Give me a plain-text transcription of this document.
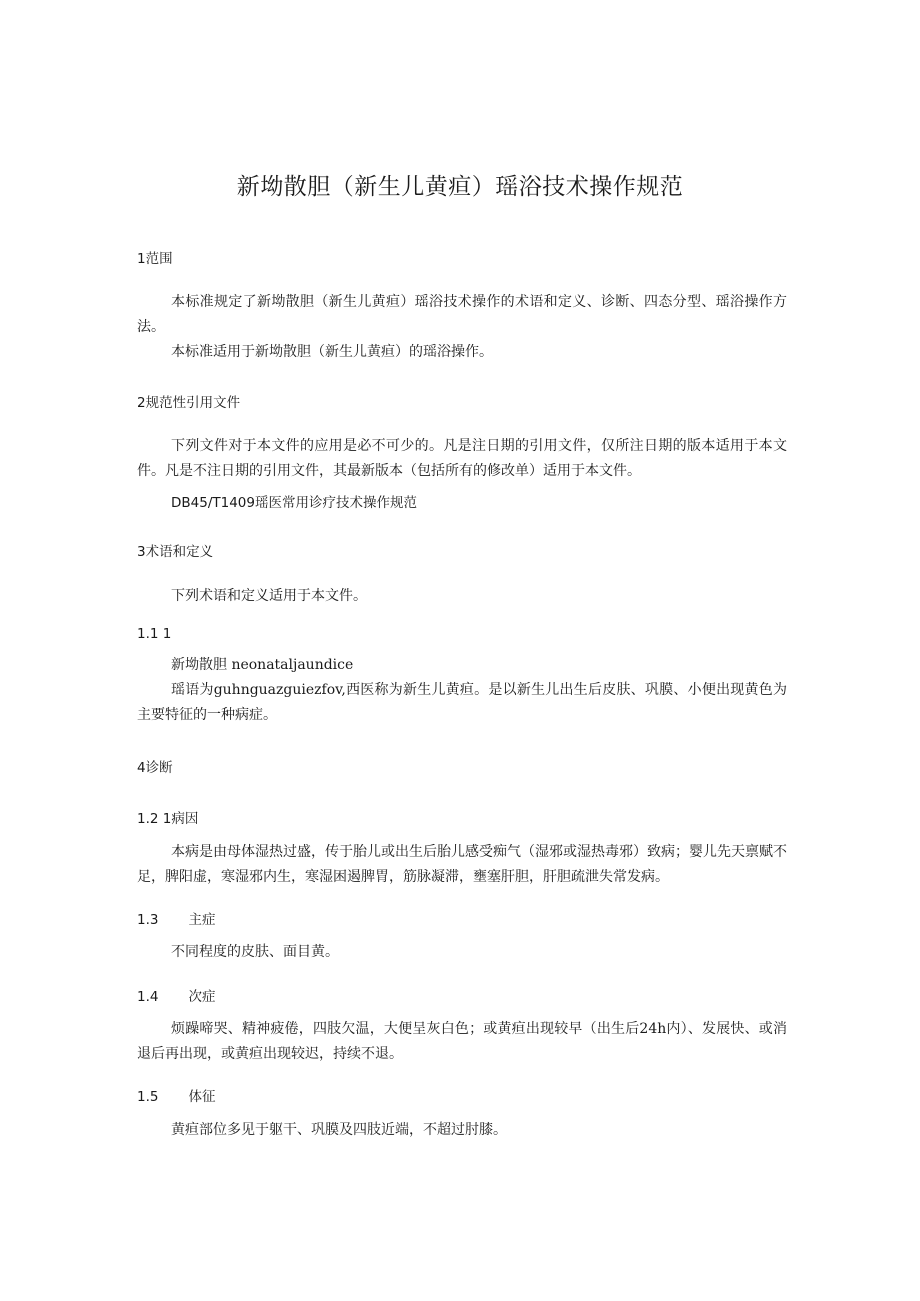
新坳散胆（新生儿黄疸）瑶浴技术操作规范
1范围
本标准规定了新坳散胆（新生儿黄疸）瑶浴技术操作的术语和定义、诊断、四态分型、瑶浴操作方法。
本标准适用于新坳散胆（新生儿黄疸）的瑶浴操作。
2规范性引用文件
下列文件对于本文件的应用是必不可少的。凡是注日期的引用文件，仅所注日期的版本适用于本文件。凡是不注日期的引用文件，其最新版本（包括所有的修改单）适用于本文件。
DB45/T1409瑶医常用诊疗技术操作规范
3术语和定义
下列术语和定义适用于本文件。
1.1 1
新坳散胆 neonataljaundice
瑶语为guhnguazguiezfov,西医称为新生儿黄疸。是以新生儿出生后皮肤、巩膜、小便出现黄色为主要特征的一种病症。
4诊断
1.2 1病因
本病是由母体湿热过盛，传于胎儿或出生后胎儿感受痴气（湿邪或湿热毒邪）致病；婴儿先天禀赋不足，脾阳虚，寒湿邪内生，寒湿困遏脾胃，筋脉凝滞，壅塞肝胆，肝胆疏泄失常发病。
1.3 主症
不同程度的皮肤、面目黄。
1.4 次症
烦躁啼哭、精神疲倦，四肢欠温，大便呈灰白色；或黄疸出现较早（出生后24h内）、发展快、或消退后再出现，或黄疸出现较迟，持续不退。
1.5 体征
黄疸部位多见于躯干、巩膜及四肢近端，不超过肘膝。
